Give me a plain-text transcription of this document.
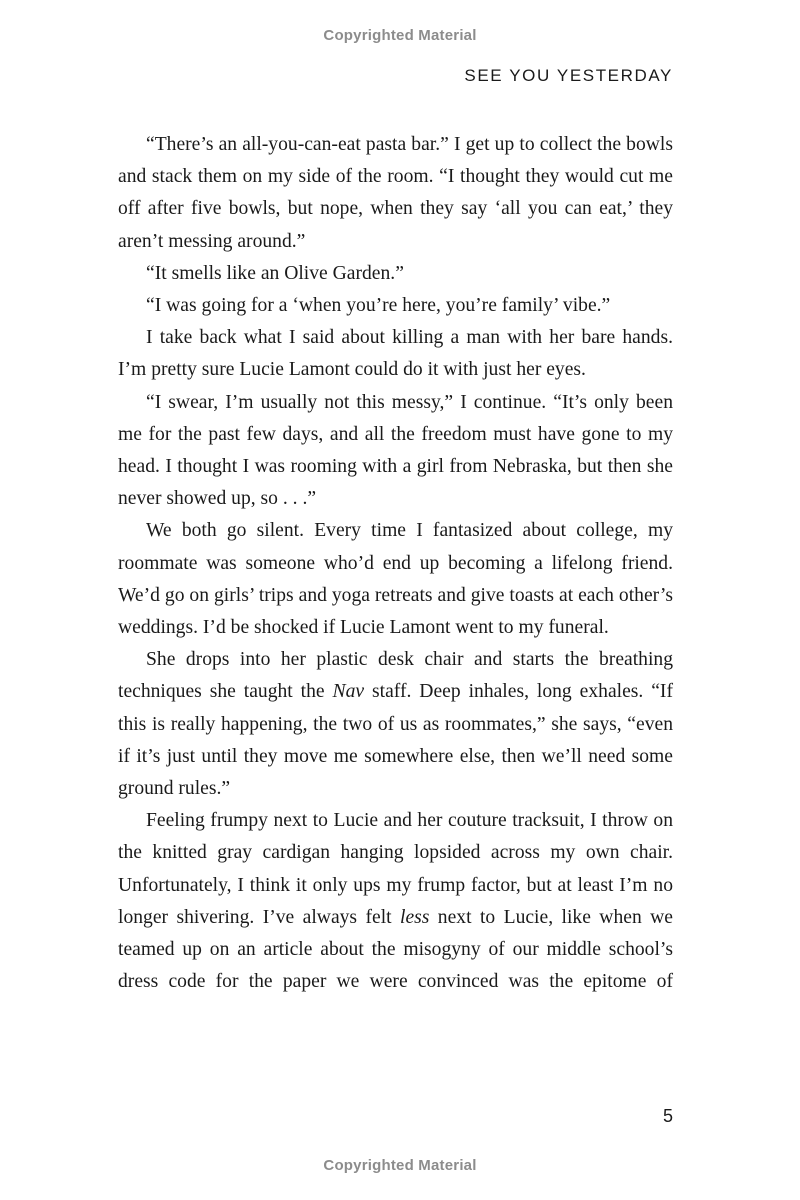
Copyrighted Material
SEE YOU YESTERDAY

“There’s an all-you-can-eat pasta bar.” I get up to collect the bowls and stack them on my side of the room. “I thought they would cut me off after five bowls, but nope, when they say ‘all you can eat,’ they aren’t messing around.”

“It smells like an Olive Garden.”

“I was going for a ‘when you’re here, you’re family’ vibe.”

I take back what I said about killing a man with her bare hands. I’m pretty sure Lucie Lamont could do it with just her eyes.

“I swear, I’m usually not this messy,” I continue. “It’s only been me for the past few days, and all the freedom must have gone to my head. I thought I was rooming with a girl from Nebraska, but then she never showed up, so . . .”

We both go silent. Every time I fantasized about college, my roommate was someone who’d end up becoming a lifelong friend. We’d go on girls’ trips and yoga retreats and give toasts at each other’s weddings. I’d be shocked if Lucie Lamont went to my funeral.

She drops into her plastic desk chair and starts the breathing techniques she taught the Nav staff. Deep inhales, long exhales. “If this is really happening, the two of us as roommates,” she says, “even if it’s just until they move me somewhere else, then we’ll need some ground rules.”

Feeling frumpy next to Lucie and her couture tracksuit, I throw on the knitted gray cardigan hanging lopsided across my own chair. Unfortunately, I think it only ups my frump factor, but at least I’m no longer shivering. I’ve always felt less next to Lucie, like when we teamed up on an article about the misogyny of our middle school’s dress code for the paper we were convinced was the epitome of

5
Copyrighted Material
